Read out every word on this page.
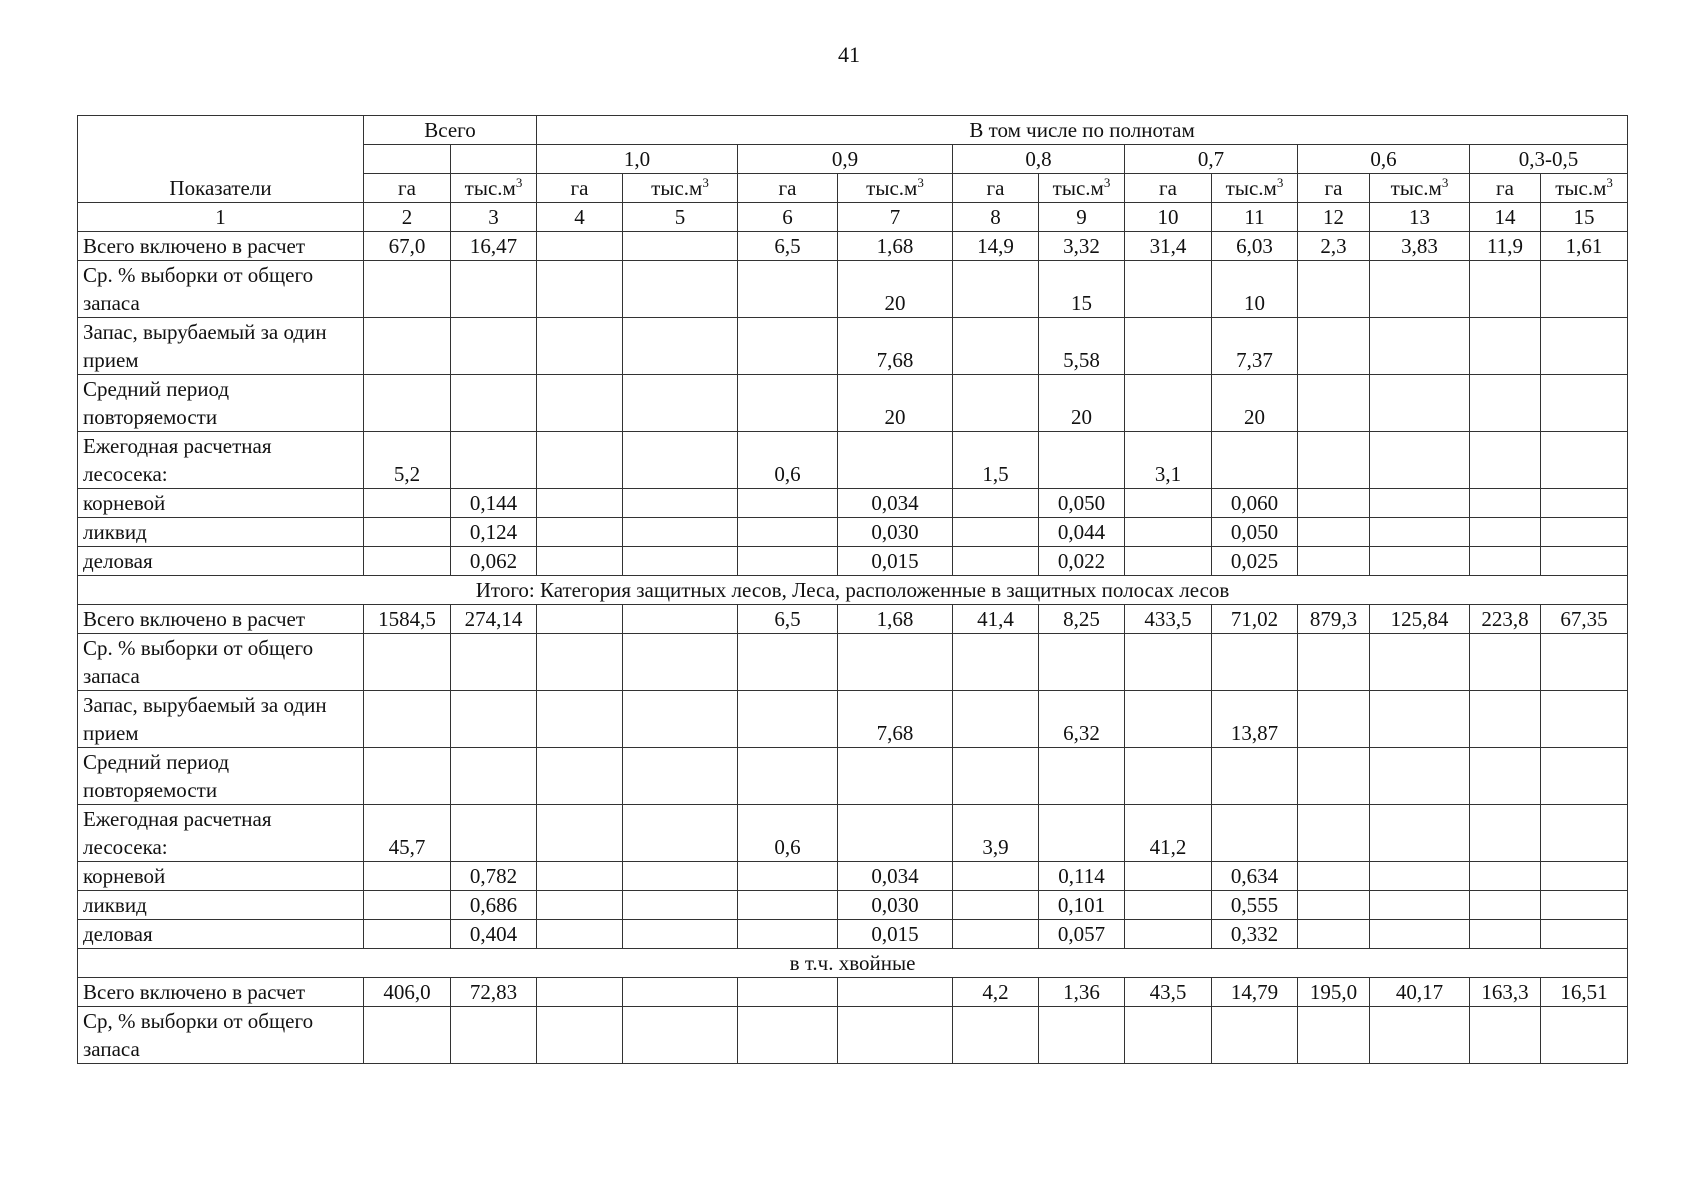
41
Показатели	Всего		В том числе по полнотам											
			1,0		0,9		0,8		0,7		0,6		0,3-0,5	
	га	$тыс.м^3$	га	$тыс.м^3$	га	$тыс.м^3$	га	$тыс.м^3$	га	$тыс.м^3$	га	$тыс.м^3$	га	$тыс.м^3$
1	2	3	4	5	6	7	8	9	10	11	12	13	14	15
Всего включено в расчет	67,0	16,47			6,5	1,68	14,9	3,32	31,4	6,03	2,3	3,83	11,9	1,61
Ср. % выборки от общего запаса						20		15		10				
Запас, вырубаемый за один прием						7,68		5,58		7,37				
Средний период повторяемости						20		20		20				
Ежегодная расчетная лесосека:	5,2				0,6		1,5		3,1					
корневой		0,144				0,034		0,050		0,060				
ликвид		0,124				0,030		0,044		0,050				
деловая		0,062				0,015		0,022		0,025				
Итого: Категория защитных лесов, Леса, расположенные в защитных полосах лесов														
Всего включено в расчет	1584,5	274,14			6,5	1,68	41,4	8,25	433,5	71,02	879,3	125,84	223,8	67,35
Ср. % выборки от общего запаса														
Запас, вырубаемый за один прием						7,68		6,32		13,87				
Средний период повторяемости														
Ежегодная расчетная лесосека:	45,7				0,6		3,9		41,2					
корневой		0,782				0,034		0,114		0,634				
ликвид		0,686				0,030		0,101		0,555				
деловая		0,404				0,015		0,057		0,332				
в т.ч. хвойные														
Всего включено в расчет	406,0	72,83					4,2	1,36	43,5	14,79	195,0	40,17	163,3	16,51
Ср, % выборки от общего запаса														
